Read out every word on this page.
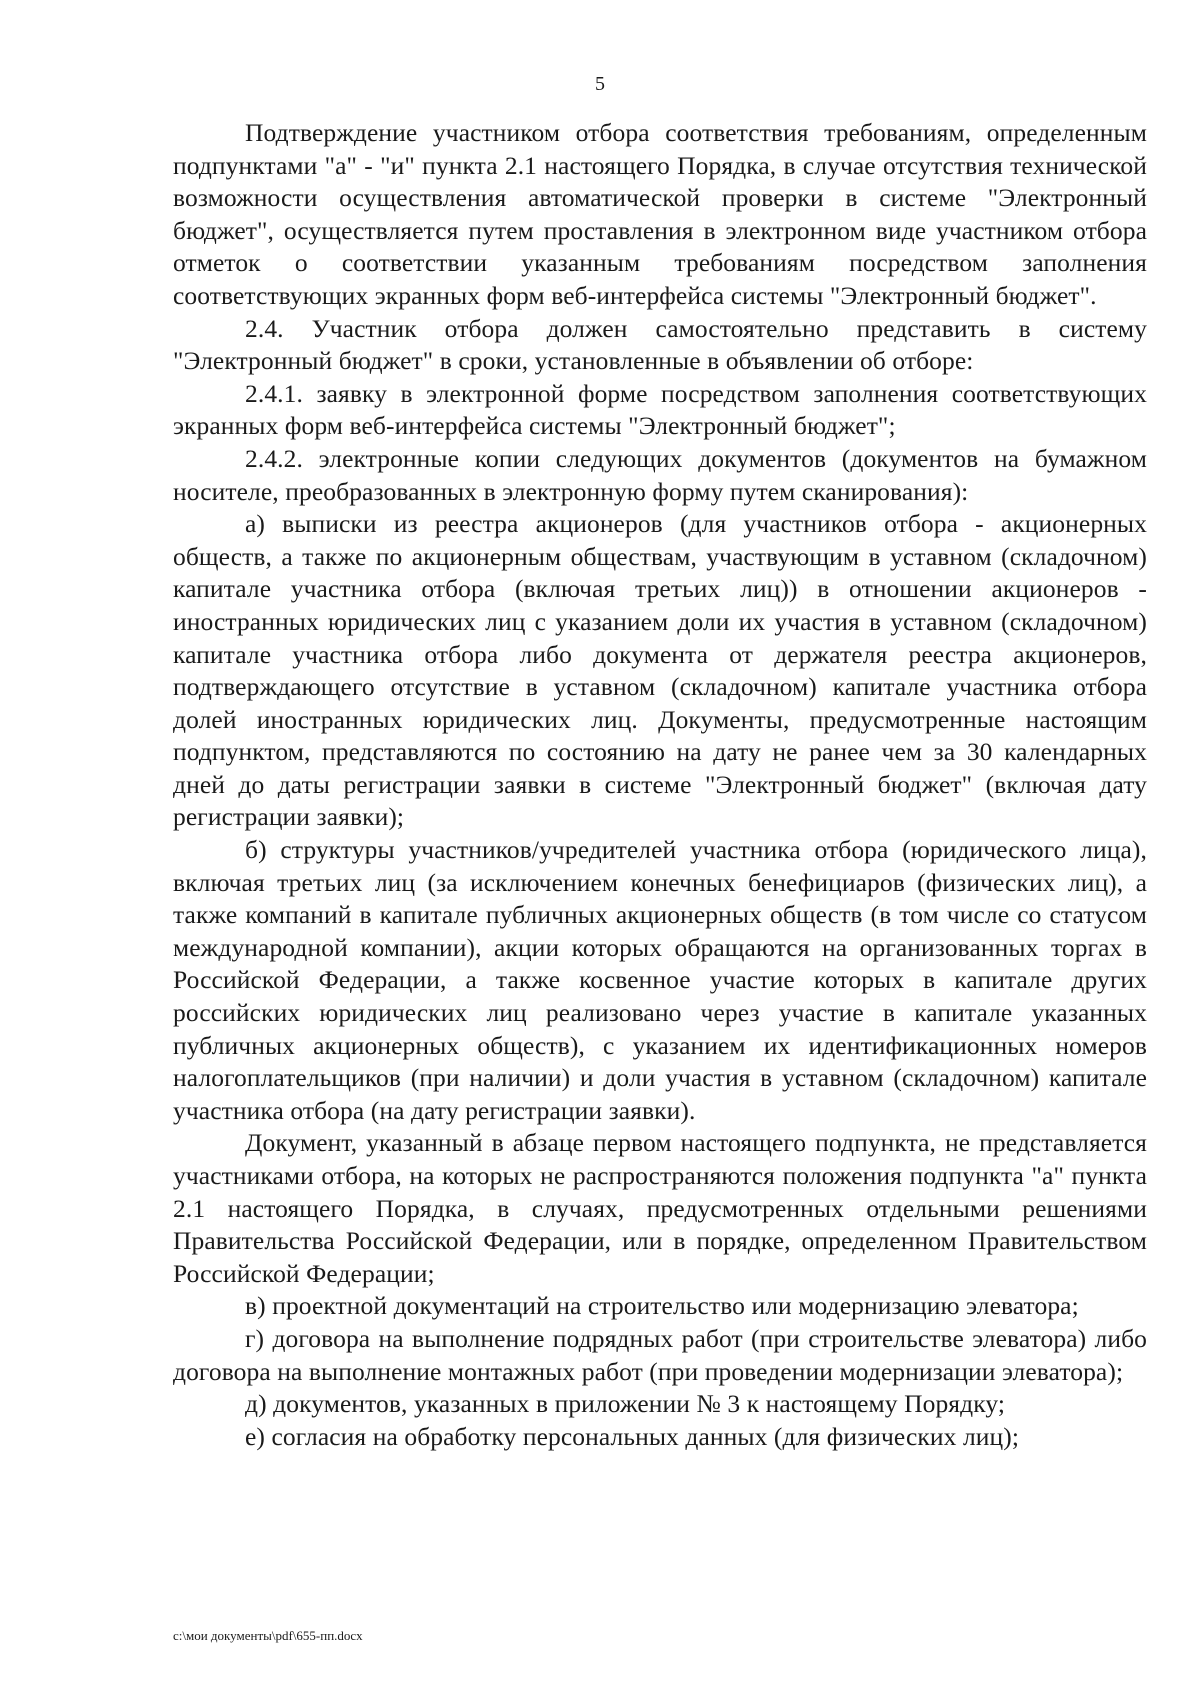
5

Подтверждение участником отбора соответствия требованиям, определенным подпунктами "а" - "и" пункта 2.1 настоящего Порядка, в случае отсутствия технической возможности осуществления автоматической проверки в системе "Электронный бюджет", осуществляется путем проставления в электронном виде участником отбора отметок о соответствии указанным требованиям посредством заполнения соответствующих экранных форм веб-интерфейса системы "Электронный бюджет".

2.4. Участник отбора должен самостоятельно представить в систему "Электронный бюджет" в сроки, установленные в объявлении об отборе:

2.4.1. заявку в электронной форме посредством заполнения соответствующих экранных форм веб-интерфейса системы "Электронный бюджет";

2.4.2. электронные копии следующих документов (документов на бумажном носителе, преобразованных в электронную форму путем сканирования):

а) выписки из реестра акционеров (для участников отбора - акционерных обществ, а также по акционерным обществам, участвующим в уставном (складочном) капитале участника отбора (включая третьих лиц)) в отношении акционеров - иностранных юридических лиц с указанием доли их участия в уставном (складочном) капитале участника отбора либо документа от держателя реестра акционеров, подтверждающего отсутствие в уставном (складочном) капитале участника отбора долей иностранных юридических лиц. Документы, предусмотренные настоящим подпунктом, представляются по состоянию на дату не ранее чем за 30 календарных дней до даты регистрации заявки в системе "Электронный бюджет" (включая дату регистрации заявки);

б) структуры участников/учредителей участника отбора (юридического лица), включая третьих лиц (за исключением конечных бенефициаров (физических лиц), а также компаний в капитале публичных акционерных обществ (в том числе со статусом международной компании), акции которых обращаются на организованных торгах в Российской Федерации, а также косвенное участие которых в капитале других российских юридических лиц реализовано через участие в капитале указанных публичных акционерных обществ), с указанием их идентификационных номеров налогоплательщиков (при наличии) и доли участия в уставном (складочном) капитале участника отбора (на дату регистрации заявки).

Документ, указанный в абзаце первом настоящего подпункта, не представляется участниками отбора, на которых не распространяются положения подпункта "а" пункта 2.1 настоящего Порядка, в случаях, предусмотренных отдельными решениями Правительства Российской Федерации, или в порядке, определенном Правительством Российской Федерации;

в) проектной документаций на строительство или модернизацию элеватора;

г) договора на выполнение подрядных работ (при строительстве элеватора) либо договора на выполнение монтажных работ (при проведении модернизации элеватора);

д) документов, указанных в приложении № 3 к настоящему Порядку;

е) согласия на обработку персональных данных (для физических лиц);

c:\мои документы\pdf\655-пп.docx
